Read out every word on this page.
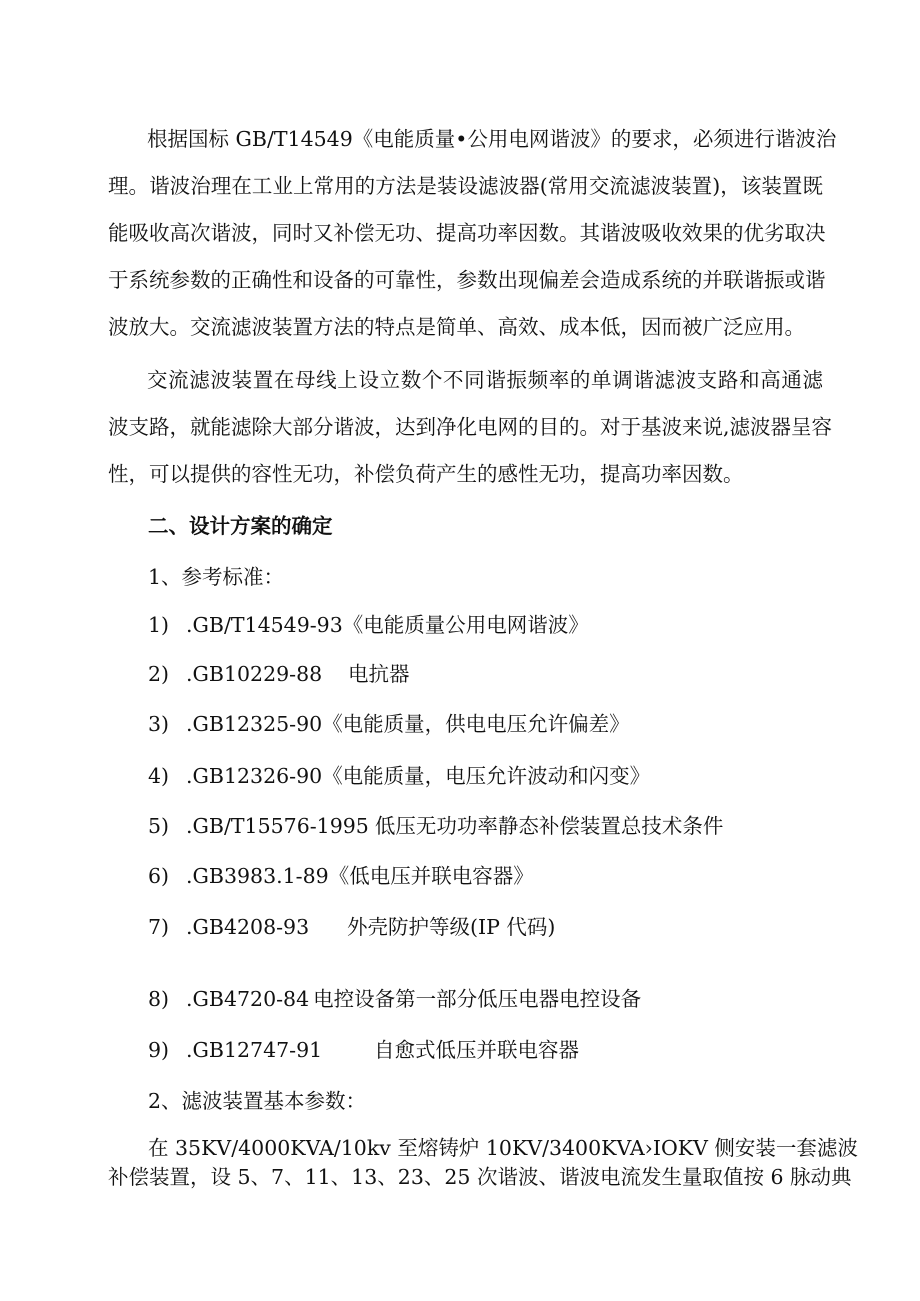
根据国标 GB/T14549《电能质量•公用电网谐波》的要求，必须进行谐波治
理。谐波治理在工业上常用的方法是装设滤波器(常用交流滤波装置)，该装置既
能吸收高次谐波，同时又补偿无功、提高功率因数。其谐波吸收效果的优劣取决
于系统参数的正确性和设备的可靠性，参数出现偏差会造成系统的并联谐振或谐
波放大。交流滤波装置方法的特点是简单、高效、成本低，因而被广泛应用。
交流滤波装置在母线上设立数个不同谐振频率的单调谐滤波支路和高通滤
波支路，就能滤除大部分谐波，达到净化电网的目的。对于基波来说,滤波器呈容
性，可以提供的容性无功，补偿负荷产生的感性无功，提高功率因数。
二、设计方案的确定
1、参考标准：
1) .GB/T14549-93《电能质量公用电网谐波》
2) .GB10229-88 电抗器
3) .GB12325-90《电能质量，供电电压允许偏差》
4) .GB12326-90《电能质量，电压允许波动和闪变》
5) .GB/T15576-1995 低压无功功率静态补偿装置总技术条件
6) .GB3983.1-89《低电压并联电容器》
7) .GB4208-93 外壳防护等级(IP 代码)
8) .GB4720-84 电控设备第一部分低压电器电控设备
9) .GB12747-91	自愈式低压并联电容器
2、滤波装置基本参数：
在 35KV/4000KVA/10kv 至熔铸炉 10KV/3400KVA›IOKV 侧安装一套滤波
补偿装置，设 5、7、11、13、23、25 次谐波、谐波电流发生量取值按 6 脉动典
